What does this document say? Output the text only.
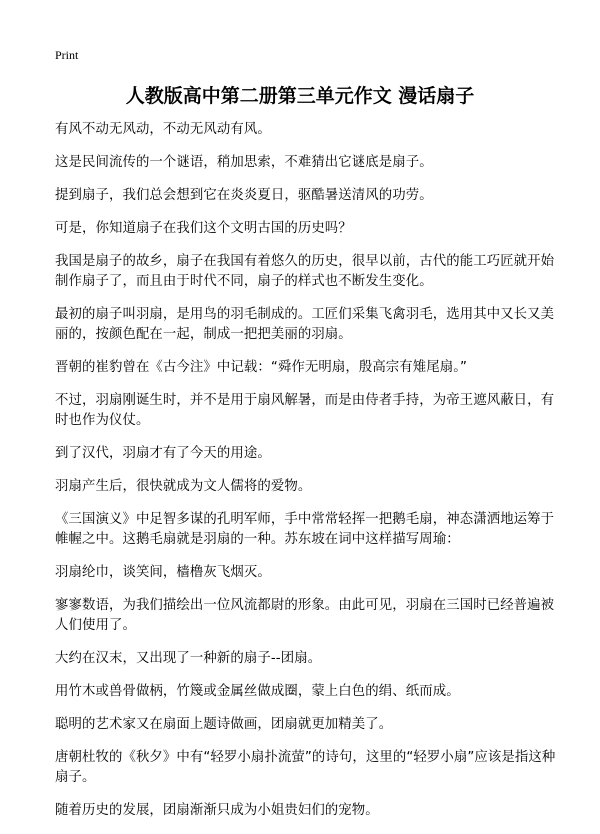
Print
人教版高中第二册第三单元作文 漫话扇子

有风不动无风动，不动无风动有风。

这是民间流传的一个谜语，稍加思索，不难猜出它谜底是扇子。

提到扇子，我们总会想到它在炎炎夏日，驱酷暑送清风的功劳。

可是，你知道扇子在我们这个文明古国的历史吗？

我国是扇子的故乡，扇子在我国有着悠久的历史，很早以前，古代的能工巧匠就开始制作扇子了，而且由于时代不同，扇子的样式也不断发生变化。

最初的扇子叫羽扇，是用鸟的羽毛制成的。工匠们采集飞禽羽毛，选用其中又长又美丽的，按颜色配在一起，制成一把把美丽的羽扇。

晋朝的崔豹曾在《古今注》中记载：“舜作无明扇，殷高宗有雉尾扇。”

不过，羽扇刚诞生时，并不是用于扇风解暑，而是由侍者手持，为帝王遮风蔽日，有时也作为仪仗。

到了汉代，羽扇才有了今天的用途。

羽扇产生后，很快就成为文人儒将的爱物。

《三国演义》中足智多谋的孔明军师，手中常常轻挥一把鹅毛扇，神态潇洒地运筹于帷幄之中。这鹅毛扇就是羽扇的一种。苏东坡在词中这样描写周瑜：

羽扇纶巾，谈笑间，樯橹灰飞烟灭。

寥寥数语，为我们描绘出一位风流都尉的形象。由此可见，羽扇在三国时已经普遍被人们使用了。

大约在汉末，又出现了一种新的扇子--团扇。

用竹木或兽骨做柄，竹篾或金属丝做成圈，蒙上白色的绢、纸而成。

聪明的艺术家又在扇面上题诗做画，团扇就更加精美了。

唐朝杜牧的《秋夕》中有“轻罗小扇扑流萤”的诗句，这里的“轻罗小扇”应该是指这种扇子。

随着历史的发展，团扇渐渐只成为小姐贵妇们的宠物。
